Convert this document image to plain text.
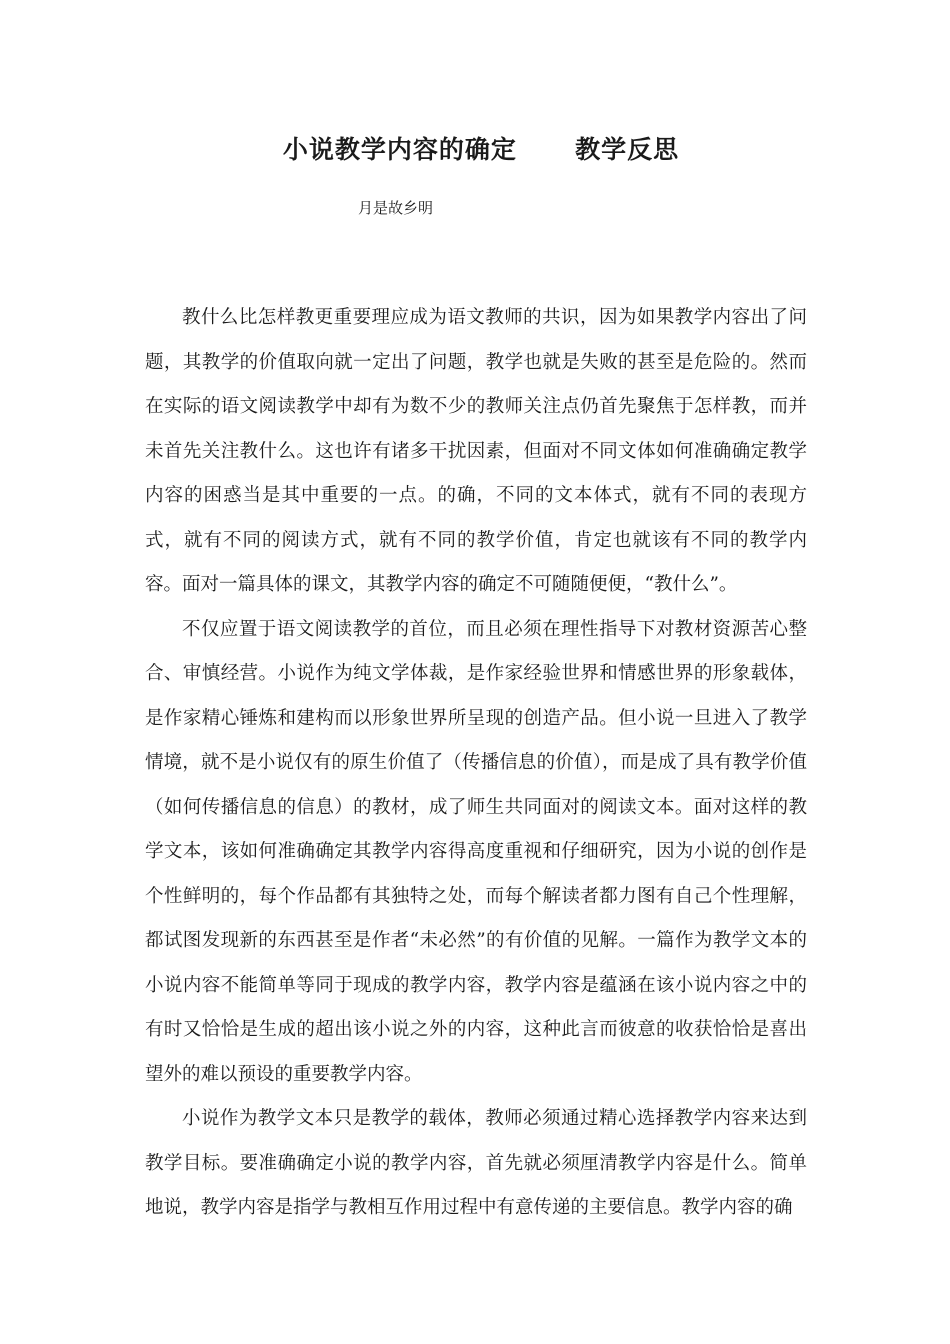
小说教学内容的确定      教学反思
月是故乡明

教什么比怎样教更重要理应成为语文教师的共识，因为如果教学内容出了问题，其教学的价值取向就一定出了问题，教学也就是失败的甚至是危险的。然而在实际的语文阅读教学中却有为数不少的教师关注点仍首先聚焦于怎样教，而并未首先关注教什么。这也许有诸多干扰因素，但面对不同文体如何准确确定教学内容的困惑当是其中重要的一点。的确，不同的文本体式，就有不同的表现方式，就有不同的阅读方式，就有不同的教学价值，肯定也就该有不同的教学内容。面对一篇具体的课文，其教学内容的确定不可随随便便，“教什么”。

不仅应置于语文阅读教学的首位，而且必须在理性指导下对教材资源苦心整合、审慎经营。小说作为纯文学体裁，是作家经验世界和情感世界的形象载体，是作家精心锤炼和建构而以形象世界所呈现的创造产品。但小说一旦进入了教学情境，就不是小说仅有的原生价值了（传播信息的价值），而是成了具有教学价值（如何传播信息的信息）的教材，成了师生共同面对的阅读文本。面对这样的教学文本，该如何准确确定其教学内容得高度重视和仔细研究，因为小说的创作是个性鲜明的，每个作品都有其独特之处，而每个解读者都力图有自己个性理解，都试图发现新的东西甚至是作者“未必然”的有价值的见解。一篇作为教学文本的小说内容不能简单等同于现成的教学内容，教学内容是蕴涵在该小说内容之中的有时又恰恰是生成的超出该小说之外的内容，这种此言而彼意的收获恰恰是喜出望外的难以预设的重要教学内容。

小说作为教学文本只是教学的载体，教师必须通过精心选择教学内容来达到教学目标。要准确确定小说的教学内容，首先就必须厘清教学内容是什么。简单地说，教学内容是指学与教相互作用过程中有意传递的主要信息。教学内容的确
